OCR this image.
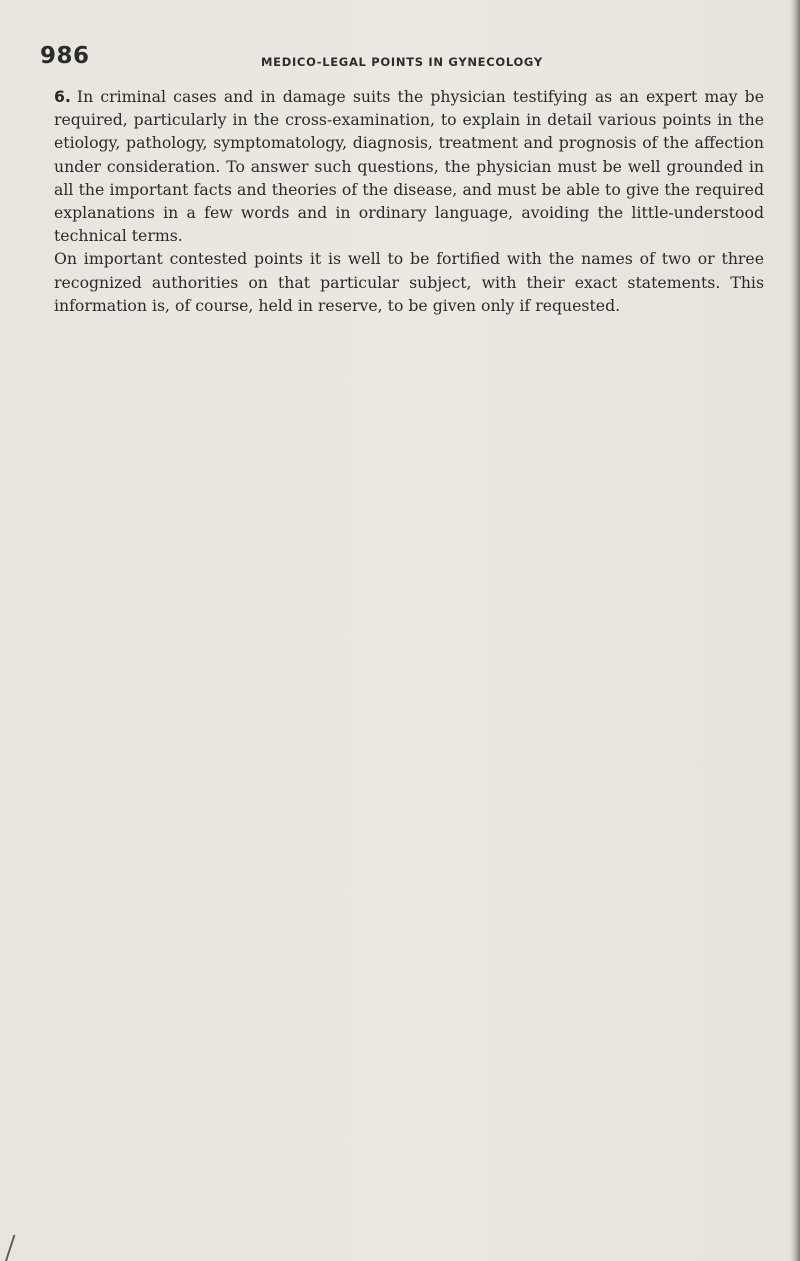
986	MEDICO-LEGAL POINTS IN GYNECOLOGY

6. In criminal cases and in damage suits the physician testifying as an expert may be required, particularly in the cross-examination, to explain in detail various points in the etiology, pathology, symptomatology, diagnosis, treatment and prognosis of the affection under consideration. To answer such questions, the physician must be well grounded in all the important facts and theories of the disease, and must be able to give the required explanations in a few words and in ordinary language, avoiding the little-understood technical terms.

On important contested points it is well to be fortified with the names of two or three recognized authorities on that particular subject, with their exact statements. This information is, of course, held in reserve, to be given only if requested.
